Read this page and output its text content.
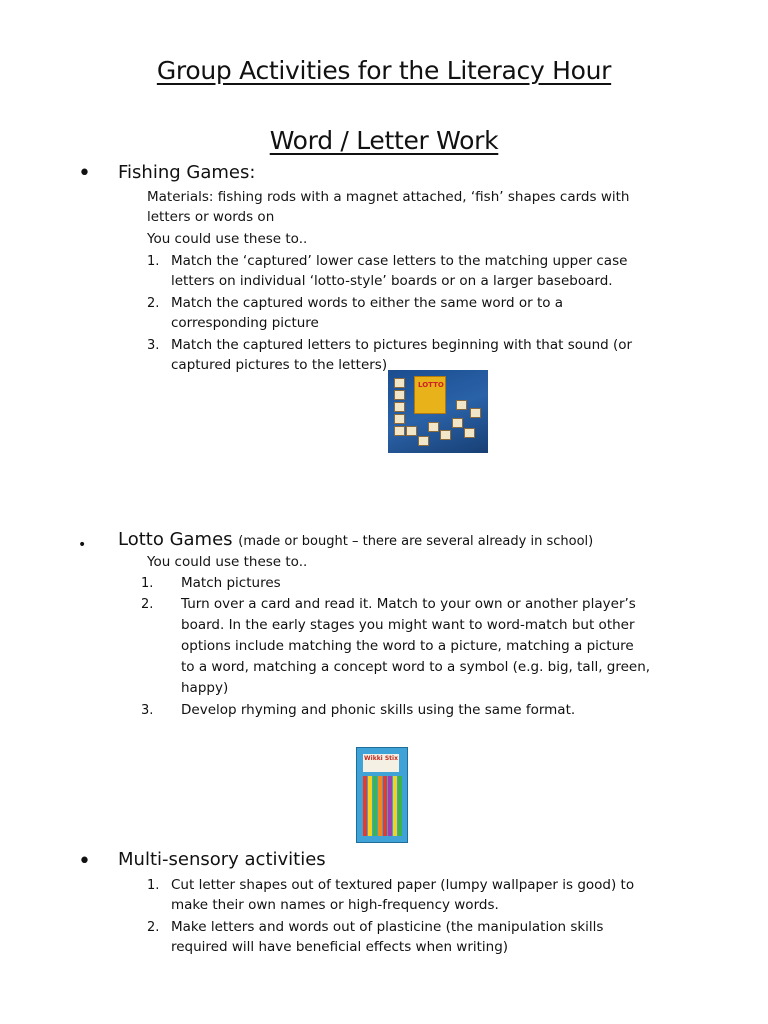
Group Activities for the Literacy Hour
Word / Letter Work
• Fishing Games:
Materials: fishing rods with a magnet attached, ‘fish’ shapes cards with
letters or words on
You could use these to..
1. Match the ‘captured’ lower case letters to the matching upper case
letters on individual ‘lotto-style’ boards or on a larger baseboard.
2. Match the captured words to either the same word or to a
corresponding picture
3. Match the captured letters to pictures beginning with that sound (or
captured pictures to the letters)
LOTTO
• Lotto Games (made or bought – there are several already in school)
You could use these to..
1. Match pictures
2. Turn over a card and read it. Match to your own or another player’s
board. In the early stages you might want to word-match but other
options include matching the word to a picture, matching a picture
to a word, matching a concept word to a symbol (e.g. big, tall, green,
happy)
3. Develop rhyming and phonic skills using the same format.
Wikki Stix
• Multi-sensory activities
1. Cut letter shapes out of textured paper (lumpy wallpaper is good) to
make their own names or high-frequency words.
2. Make letters and words out of plasticine (the manipulation skills
required will have beneficial effects when writing)
